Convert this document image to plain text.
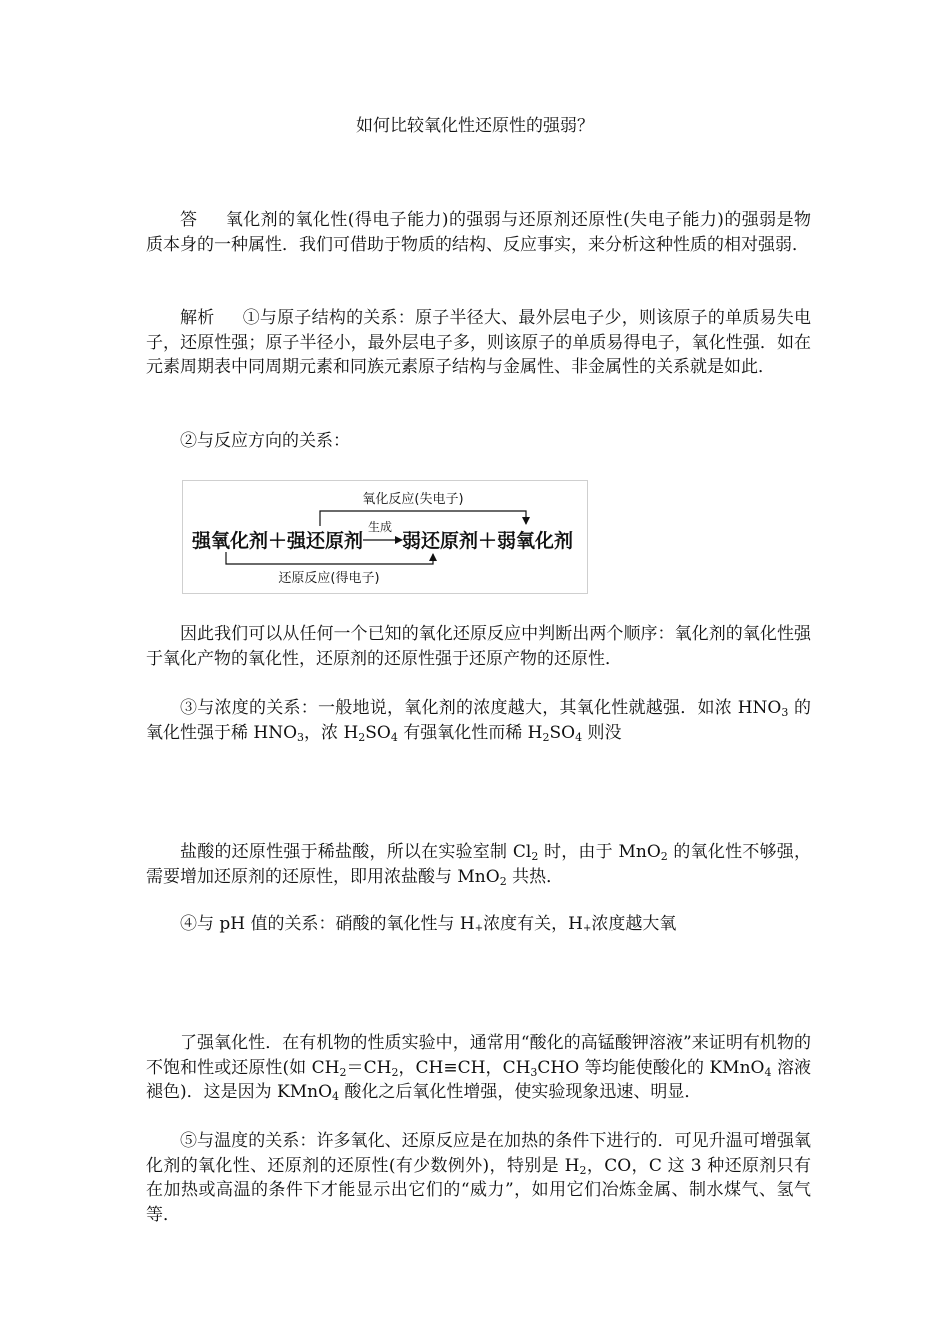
如何比较氧化性还原性的强弱？
答 氧化剂的氧化性(得电子能力)的强弱与还原剂还原性(失电子能力)的强弱是物质本身的一种属性．我们可借助于物质的结构、反应事实，来分析这种性质的相对强弱．
解析 ①与原子结构的关系：原子半径大、最外层电子少，则该原子的单质易失电子，还原性强；原子半径小，最外层电子多，则该原子的单质易得电子，氧化性强．如在元素周期表中同周期元素和同族元素原子结构与金属性、非金属性的关系就是如此．
②与反应方向的关系：
氧化反应(失电子)
强氧化剂＋强还原剂
生成
弱还原剂＋弱氧化剂
还原反应(得电子)
因此我们可以从任何一个已知的氧化还原反应中判断出两个顺序：氧化剂的氧化性强于氧化产物的氧化性，还原剂的还原性强于还原产物的还原性．
③与浓度的关系：一般地说，氧化剂的浓度越大，其氧化性就越强．如浓 $HNO_3$ 的氧化性强于稀 $HNO_3$，浓 $H_2SO_4$ 有强氧化性而稀 $H_2SO_4$ 则没
盐酸的还原性强于稀盐酸，所以在实验室制 $Cl_2$ 时，由于 MnO$_2$ 的氧化性不够强，需要增加还原剂的还原性，即用浓盐酸与 MnO$_2$ 共热．
④与 pH 值的关系：硝酸的氧化性与 $H_+$浓度有关，$H_+$浓度越大氧
了强氧化性．在有机物的性质实验中，通常用“酸化的高锰酸钾溶液”来证明有机物的不饱和性或还原性(如 $CH_2=CH_2$，CH≡CH，$CH_3CHO$ 等均能使酸化的 KMnO$_4$ 溶液褪色)．这是因为 KMnO$_4$ 酸化之后氧化性增强，使实验现象迅速、明显．
⑤与温度的关系：许多氧化、还原反应是在加热的条件下进行的．可见升温可增强氧化剂的氧化性、还原剂的还原性(有少数例外)，特别是 $H_2$，CO，C 这 3 种还原剂只有在加热或高温的条件下才能显示出它们的“威力”，如用它们冶炼金属、制水煤气、氢气等．
